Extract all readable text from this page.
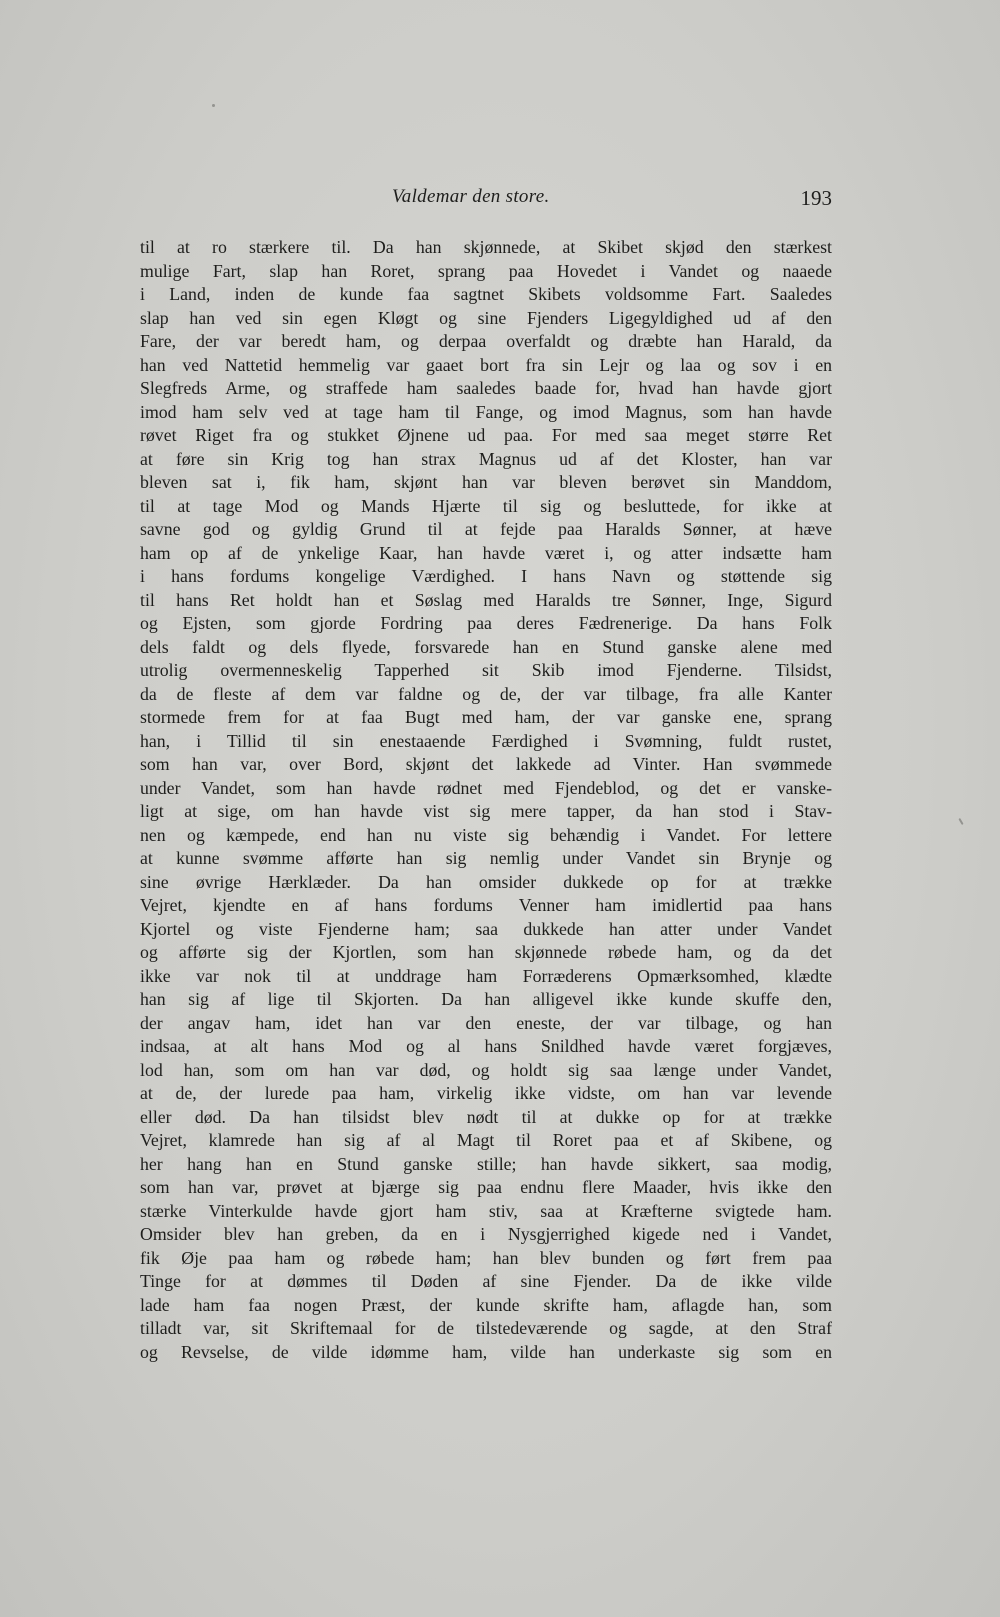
Valdemar den store.	193
til at ro stærkere til. Da han skjønnede, at Skibet skjød den stærkest
mulige Fart, slap han Roret, sprang paa Hovedet i Vandet og naaede
i Land, inden de kunde faa sagtnet Skibets voldsomme Fart. Saaledes
slap han ved sin egen Kløgt og sine Fjenders Ligegyldighed ud af den
Fare, der var beredt ham, og derpaa overfaldt og dræbte han Harald, da
han ved Nattetid hemmelig var gaaet bort fra sin Lejr og laa og sov i en
Slegfreds Arme, og straffede ham saaledes baade for, hvad han havde gjort
imod ham selv ved at tage ham til Fange, og imod Magnus, som han havde
røvet Riget fra og stukket Øjnene ud paa. For med saa meget større Ret
at føre sin Krig tog han strax Magnus ud af det Kloster, han var
bleven sat i, fik ham, skjønt han var bleven berøvet sin Manddom,
til at tage Mod og Mands Hjærte til sig og besluttede, for ikke at
savne god og gyldig Grund til at fejde paa Haralds Sønner, at hæve
ham op af de ynkelige Kaar, han havde været i, og atter indsætte ham
i hans fordums kongelige Værdighed. I hans Navn og støttende sig
til hans Ret holdt han et Søslag med Haralds tre Sønner, Inge, Sigurd
og Ejsten, som gjorde Fordring paa deres Fædrenerige. Da hans Folk
dels faldt og dels flyede, forsvarede han en Stund ganske alene med
utrolig overmenneskelig Tapperhed sit Skib imod Fjenderne. Tilsidst,
da de fleste af dem var faldne og de, der var tilbage, fra alle Kanter
stormede frem for at faa Bugt med ham, der var ganske ene, sprang
han, i Tillid til sin enestaaende Færdighed i Svømning, fuldt rustet,
som han var, over Bord, skjønt det lakkede ad Vinter. Han svømmede
under Vandet, som han havde rødnet med Fjendeblod, og det er vanske-
ligt at sige, om han havde vist sig mere tapper, da han stod i Stav-
nen og kæmpede, end han nu viste sig behændig i Vandet. For lettere
at kunne svømme afførte han sig nemlig under Vandet sin Brynje og
sine øvrige Hærklæder. Da han omsider dukkede op for at trække
Vejret, kjendte en af hans fordums Venner ham imidlertid paa hans
Kjortel og viste Fjenderne ham; saa dukkede han atter under Vandet
og afførte sig der Kjortlen, som han skjønnede røbede ham, og da det
ikke var nok til at unddrage ham Forræderens Opmærksomhed, klædte
han sig af lige til Skjorten. Da han alligevel ikke kunde skuffe den,
der angav ham, idet han var den eneste, der var tilbage, og han
indsaa, at alt hans Mod og al hans Snildhed havde været forgjæves,
lod han, som om han var død, og holdt sig saa længe under Vandet,
at de, der lurede paa ham, virkelig ikke vidste, om han var levende
eller død. Da han tilsidst blev nødt til at dukke op for at trække
Vejret, klamrede han sig af al Magt til Roret paa et af Skibene, og
her hang han en Stund ganske stille; han havde sikkert, saa modig,
som han var, prøvet at bjærge sig paa endnu flere Maader, hvis ikke den
stærke Vinterkulde havde gjort ham stiv, saa at Kræfterne svigtede ham.
Omsider blev han greben, da en i Nysgjerrighed kigede ned i Vandet,
fik Øje paa ham og røbede ham; han blev bunden og ført frem paa
Tinge for at dømmes til Døden af sine Fjender. Da de ikke vilde
lade ham faa nogen Præst, der kunde skrifte ham, aflagde han, som
tilladt var, sit Skriftemaal for de tilstedeværende og sagde, at den Straf
og Revselse, de vilde idømme ham, vilde han underkaste sig som en
